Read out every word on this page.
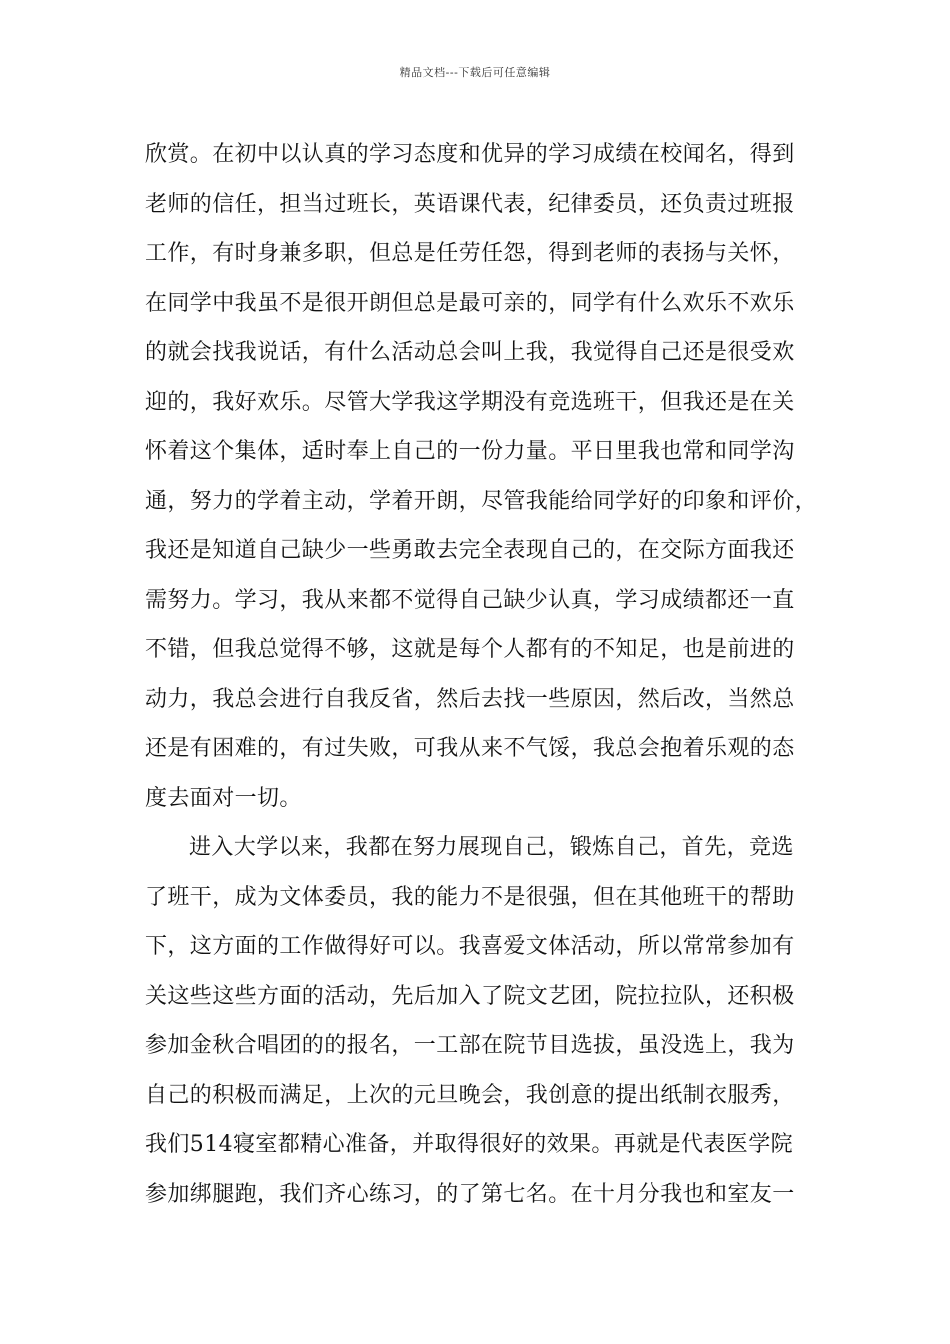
精品文档---下载后可任意编辑
欣赏。在初中以认真的学习态度和优异的学习成绩在校闻名，得到
老师的信任，担当过班长，英语课代表，纪律委员，还负责过班报
工作，有时身兼多职，但总是任劳任怨，得到老师的表扬与关怀，
在同学中我虽不是很开朗但总是最可亲的，同学有什么欢乐不欢乐
的就会找我说话，有什么活动总会叫上我，我觉得自己还是很受欢
迎的，我好欢乐。尽管大学我这学期没有竞选班干，但我还是在关
怀着这个集体，适时奉上自己的一份力量。平日里我也常和同学沟
通，努力的学着主动，学着开朗，尽管我能给同学好的印象和评价，
我还是知道自己缺少一些勇敢去完全表现自己的，在交际方面我还
需努力。学习，我从来都不觉得自己缺少认真，学习成绩都还一直
不错，但我总觉得不够，这就是每个人都有的不知足，也是前进的
动力，我总会进行自我反省，然后去找一些原因，然后改，当然总
还是有困难的，有过失败，可我从来不气馁，我总会抱着乐观的态
度去面对一切。
进入大学以来，我都在努力展现自己，锻炼自己，首先，竞选
了班干，成为文体委员，我的能力不是很强，但在其他班干的帮助
下，这方面的工作做得好可以。我喜爱文体活动，所以常常参加有
关这些这些方面的活动，先后加入了院文艺团，院拉拉队，还积极
参加金秋合唱团的的报名，一工部在院节目选拔，虽没选上，我为
自己的积极而满足，上次的元旦晚会，我创意的提出纸制衣服秀，
我们514寝室都精心准备，并取得很好的效果。再就是代表医学院
参加绑腿跑，我们齐心练习，的了第七名。在十月分我也和室友一
